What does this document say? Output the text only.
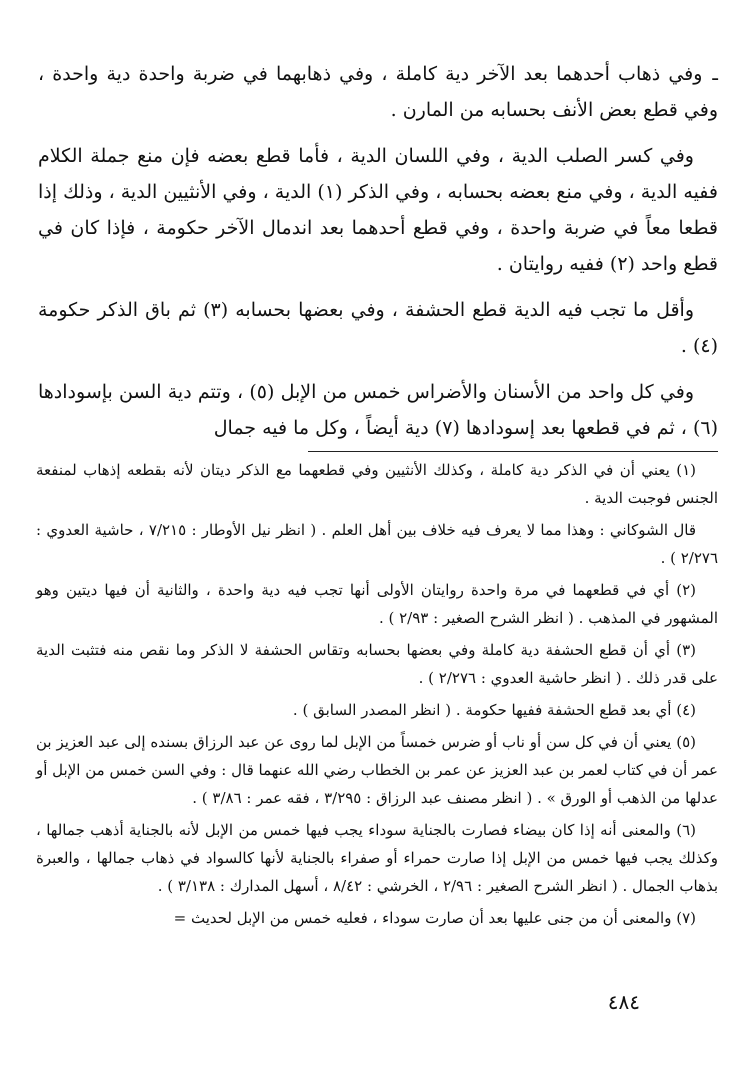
ـوفي ذهاب أحدهما بعد الآخر دية كاملة ، وفي ذهابهما في ضربة واحدة دية واحدة ، وفي قطع بعض الأنف بحسابه من المارن .

وفي كسر الصلب الدية ، وفي اللسان الدية ، فأما قطع بعضه فإن منع جملة الكلام ففيه الدية ، وفي منع بعضه بحسابه ، وفي الذكر (١) الدية ، وفي الأنثيين الدية ، وذلك إذا قطعا معاً في ضربة واحدة ، وفي قطع أحدهما بعد اندمال الآخر حكومة ، فإذا كان في قطع واحد (٢) ففيه روايتان .

وأقل ما تجب فيه الدية قطع الحشفة ، وفي بعضها بحسابه (٣) ثم باق الذكر حكومة (٤) .

وفي كل واحد من الأسنان والأضراس خمس من الإبل (٥) ، وتتم دية السن بإسودادها (٦) ، ثم في قطعها بعد إسودادها (٧) دية أيضاً ، وكل ما فيه جمال

(١) يعني أن في الذكر دية كاملة ، وكذلك الأنثيين وفي قطعهما مع الذكر ديتان لأنه بقطعه إذهاب لمنفعة الجنس فوجبت الدية .

قال الشوكاني : وهذا مما لا يعرف فيه خلاف بين أهل العلم . ( انظر نيل الأوطار : ٧/٢١٥ ، حاشية العدوي : ٢/٢٧٦ ) .

(٢) أي في قطعهما في مرة واحدة روايتان الأولى أنها تجب فيه دية واحدة ، والثانية أن فيها ديتين وهو المشهور في المذهب . ( انظر الشرح الصغير : ٢/٩٣ ) .

(٣) أي أن قطع الحشفة دية كاملة وفي بعضها بحسابه وتقاس الحشفة لا الذكر وما نقص منه فتثبت الدية على قدر ذلك . ( انظر حاشية العدوي : ٢/٢٧٦ ) .

(٤) أي بعد قطع الحشفة ففيها حكومة . ( انظر المصدر السابق ) .

(٥) يعني أن في كل سن أو ناب أو ضرس خمساً من الإبل لما روى عن عبد الرزاق بسنده إلى عبد العزيز بن عمر أن في كتاب لعمر بن عبد العزيز عن عمر بن الخطاب رضي الله عنهما قال : وفي السن خمس من الإبل أو عدلها من الذهب أو الورق » . ( انظر مصنف عبد الرزاق : ٣/٢٩٥ ، فقه عمر : ٣/٨٦ ) .

(٦) والمعنى أنه إذا كان بيضاء فصارت بالجناية سوداء يجب فيها خمس من الإبل لأنه بالجناية أذهب جمالها ، وكذلك يجب فيها خمس من الإبل إذا صارت حمراء أو صفراء بالجناية لأنها كالسواد في ذهاب جمالها ، والعبرة بذهاب الجمال . ( انظر الشرح الصغير : ٢/٩٦ ، الخرشي : ٨/٤٢ ، أسهل المدارك : ٣/١٣٨ ) .

(٧) والمعنى أن من جنى عليها بعد أن صارت سوداء ، فعليه خمس من الإبل لحديث =

٤٨٤
